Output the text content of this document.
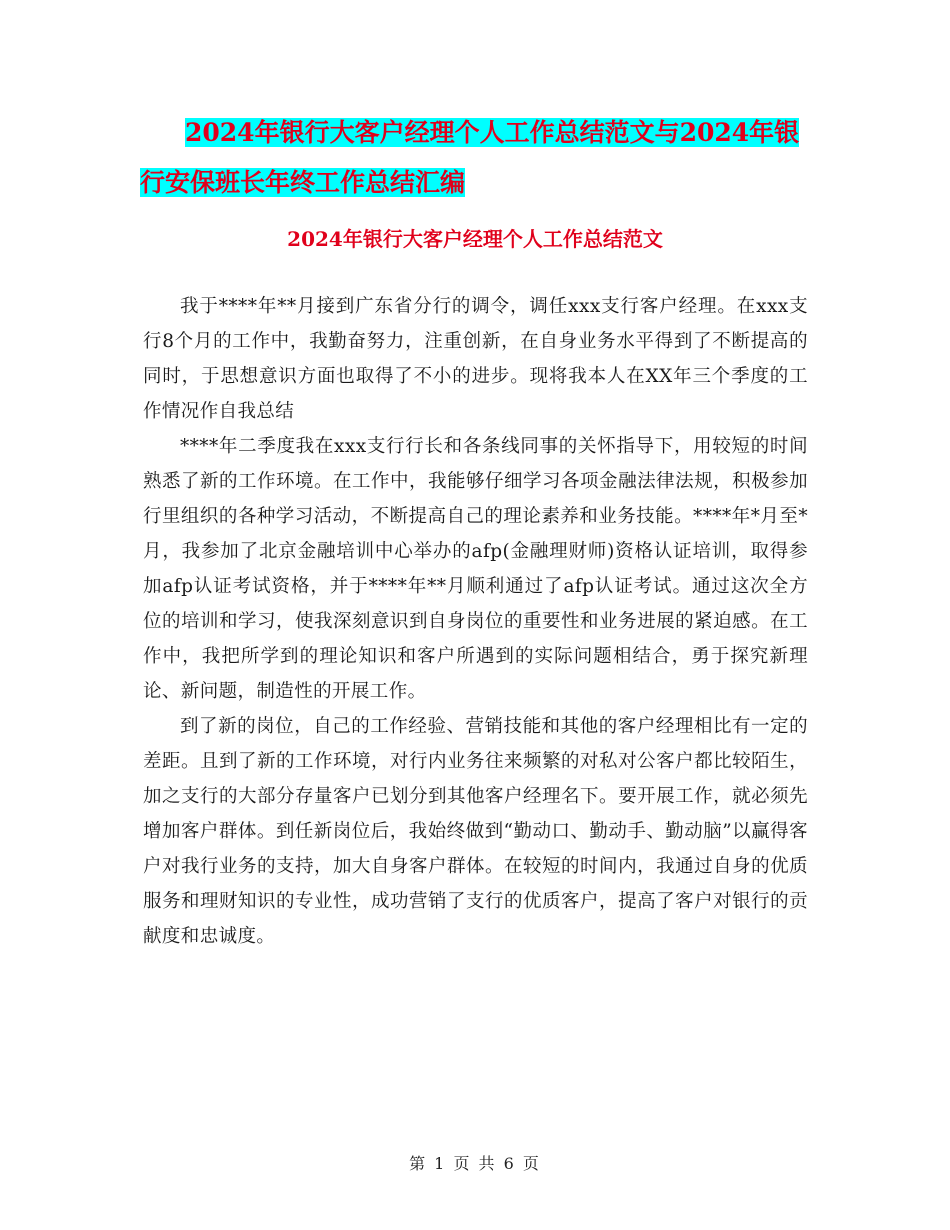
2024年银行大客户经理个人工作总结范文与2024年银
行安保班长年终工作总结汇编
2024年银行大客户经理个人工作总结范文

我于****年**月接到广东省分行的调令，调任xxx支行客户经理。在xxx支行8个月的工作中，我勤奋努力，注重创新，在自身业务水平得到了不断提高的同时，于思想意识方面也取得了不小的进步。现将我本人在XX年三个季度的工作情况作自我总结

****年二季度我在xxx支行行长和各条线同事的关怀指导下，用较短的时间熟悉了新的工作环境。在工作中，我能够仔细学习各项金融法律法规，积极参加行里组织的各种学习活动，不断提高自己的理论素养和业务技能。****年*月至*月，我参加了北京金融培训中心举办的afp(金融理财师)资格认证培训，取得参加afp认证考试资格，并于****年**月顺利通过了afp认证考试。通过这次全方位的培训和学习，使我深刻意识到自身岗位的重要性和业务进展的紧迫感。在工作中，我把所学到的理论知识和客户所遇到的实际问题相结合，勇于探究新理论、新问题，制造性的开展工作。

到了新的岗位，自己的工作经验、营销技能和其他的客户经理相比有一定的差距。且到了新的工作环境，对行内业务往来频繁的对私对公客户都比较陌生，加之支行的大部分存量客户已划分到其他客户经理名下。要开展工作，就必须先增加客户群体。到任新岗位后，我始终做到“勤动口、勤动手、勤动脑”以赢得客户对我行业务的支持，加大自身客户群体。在较短的时间内，我通过自身的优质服务和理财知识的专业性，成功营销了支行的优质客户，提高了客户对银行的贡献度和忠诚度。

第 1 页 共 6 页
